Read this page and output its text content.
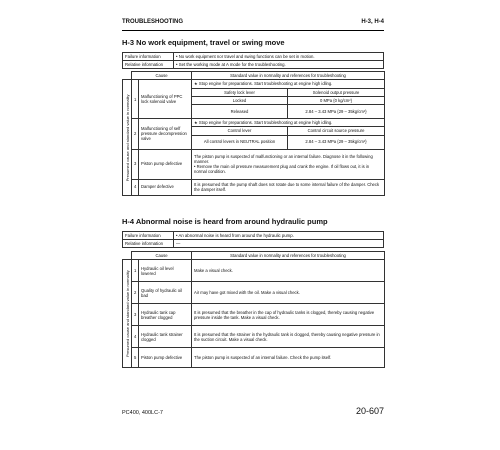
TROUBLESHOOTING	H-3, H-4
H-3 No work equipment, travel or swing move
Failure information	• No work equipment nor travel and swing functions can be set in motion.
Relative information	• Set the working mode at A mode for the troubleshooting.
	Cause		Standard value in normality and references for troubleshooting	
Presumed cause and standard value in normality	1	Malfunctioning of PPC lock solenoid valve	★ Stop engine for preparations. Start troubleshooting at engine high idling.	
			Safety lock lever	Solenoid output pressure
			Locked	0 MPa {0 kg/cm²}
			Released	2.84 – 3.43 MPa {29 – 35kg/cm²}
	2	Malfunctioning of self pressure decompression valve	★ Stop engine for preparations. Start troubleshooting at engine high idling.	
			Control lever	Control circuit source pressure
			All control levers in NEUTRAL position	2.84 – 3.43 MPa {29 – 35kg/cm²}
	3	Piston pump defective	The piston pump is suspected of malfunctioning or an internal failure. Diagnose it in the following manner.
• Remove the main oil pressure measurement plug and crank the engine. If oil flows out, it is in normal condition.	

	4	Damper defective	It is presumed that the pump shaft does not rotate due to some internal failure of the damper. Check the damper itself.	
H-4 Abnormal noise is heard from around hydraulic pump
Failure information	• An abnormal noise is heard from around the hydraulic pump.
Relative information	—
	Cause		Standard value in normality and references for troubleshooting
Presumed cause and standard value in normality	1	Hydraulic oil level lowered	Make a visual check.
	2	Quality of hydraulic oil bad	Air may have got mixed with the oil. Make a visual check.
	3	Hydraulic tank cap breather clogged	It is presumed that the breather in the cap of hydraulic tanks is clogged, thereby causing negative pressure inside the tank. Make a visual check.
	4	Hydraulic tank strainer clogged	It is presumed that the strainer in the hydraulic tank is clogged, thereby causing negative pressure in the suction circuit. Make a visual check.
	5	Piston pump defective	The piston pump is suspected of an internal failure. Check the pump itself.
PC400, 400LC-7	20-607
